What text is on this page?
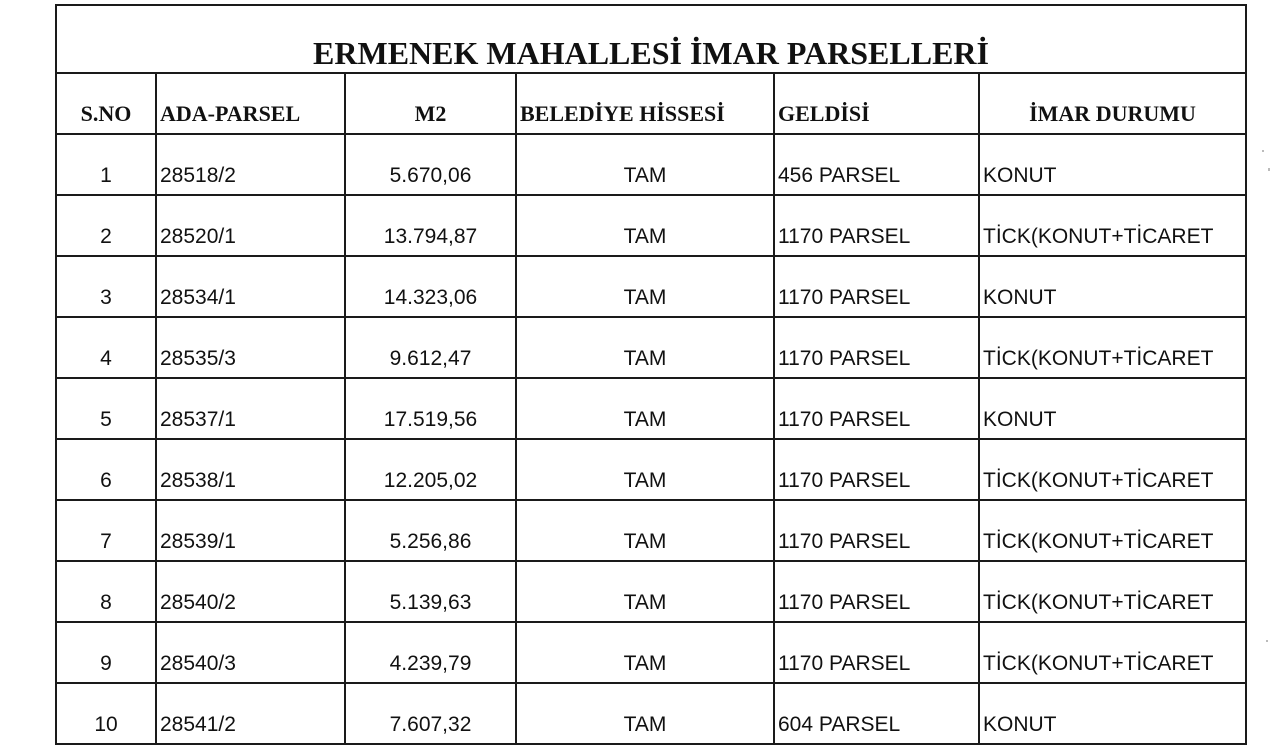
ERMENEK MAHALLESİ İMAR PARSELLERİ					
S.NO	ADA-PARSEL	M2	BELEDİYE HİSSESİ	GELDİSİ	İMAR DURUMU
1	28518/2	5.670,06	TAM	456 PARSEL	KONUT
2	28520/1	13.794,87	TAM	1170 PARSEL	TİCK(KONUT+TİCARET
3	28534/1	14.323,06	TAM	1170 PARSEL	KONUT
4	28535/3	9.612,47	TAM	1170 PARSEL	TİCK(KONUT+TİCARET
5	28537/1	17.519,56	TAM	1170 PARSEL	KONUT
6	28538/1	12.205,02	TAM	1170 PARSEL	TİCK(KONUT+TİCARET
7	28539/1	5.256,86	TAM	1170 PARSEL	TİCK(KONUT+TİCARET
8	28540/2	5.139,63	TAM	1170 PARSEL	TİCK(KONUT+TİCARET
9	28540/3	4.239,79	TAM	1170 PARSEL	TİCK(KONUT+TİCARET
10	28541/2	7.607,32	TAM	604 PARSEL	KONUT
